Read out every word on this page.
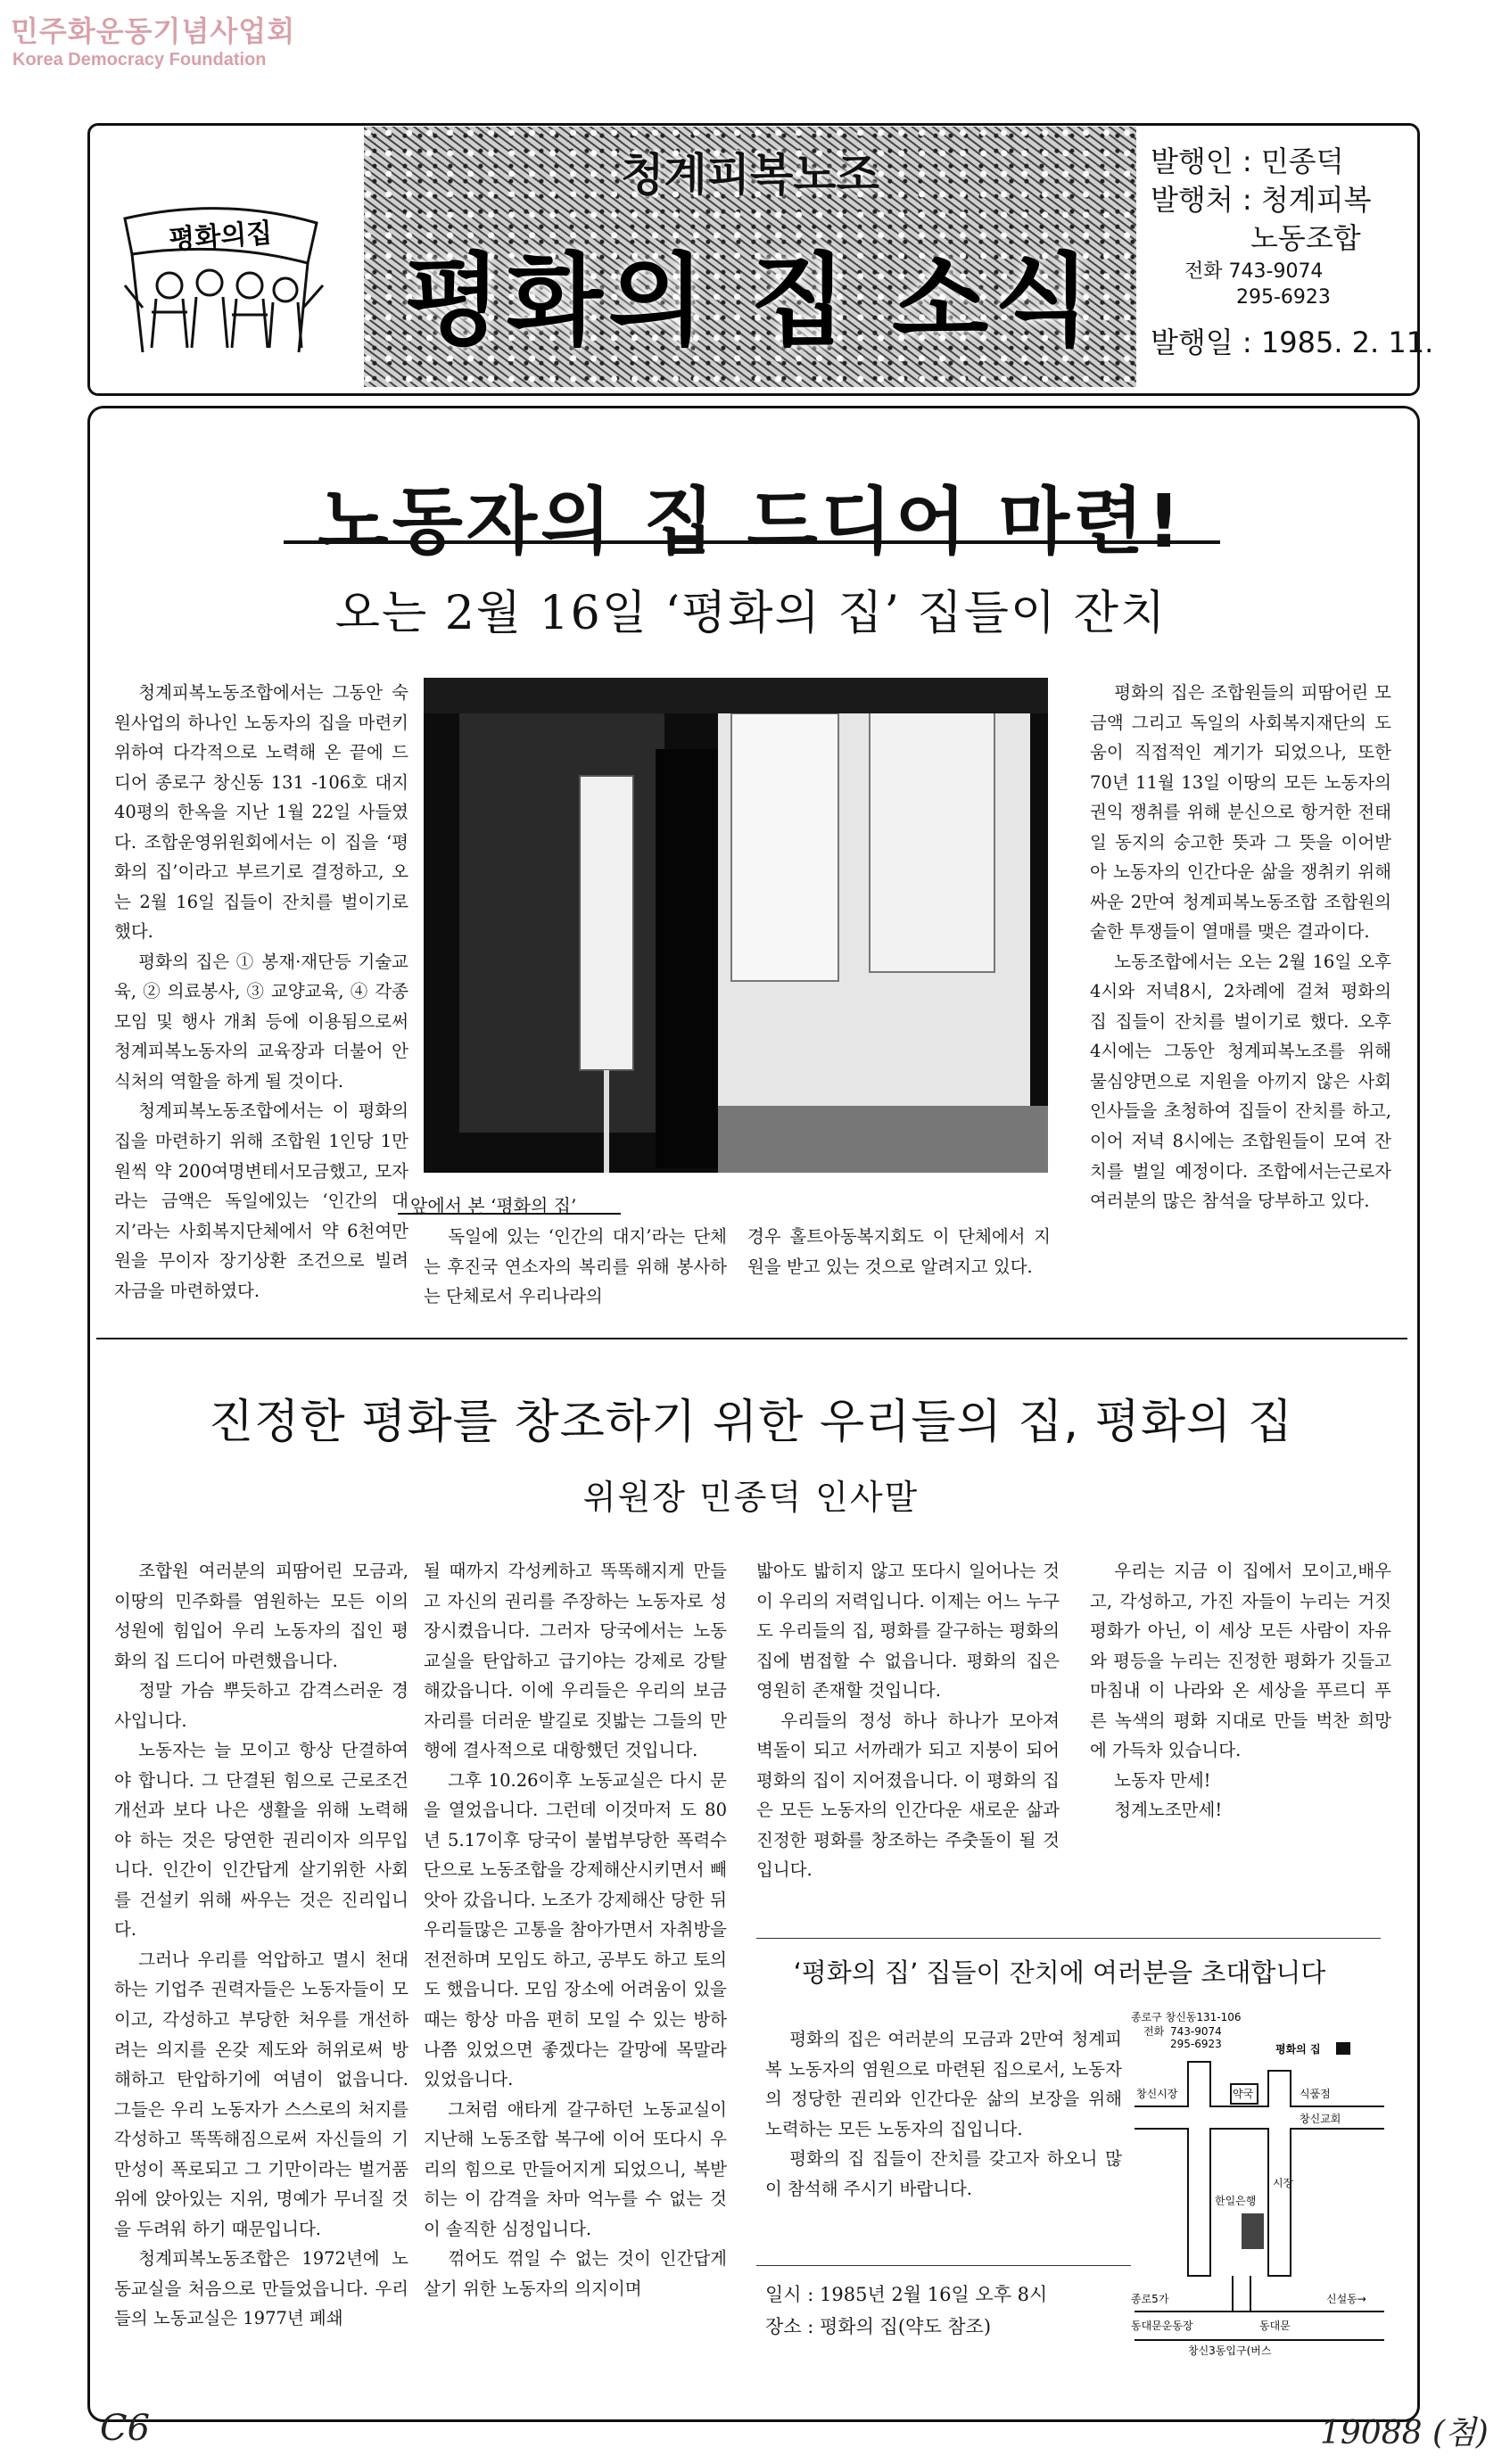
민주화운동기념사업회
Korea Democracy Foundation
청계피복노조
평화의 집 소식
평화의집
발행인 : 민종덕
발행처 : 청계피복
노동조합
전화 743-9074
295-6923
발행일 : 1985. 2. 11.
노동자의 집 드디어 마련!
오는 2월 16일 ‘평화의 집’ 집들이 잔치

청계피복노동조합에서는 그동안 숙원사업의 하나인 노동자의 집을 마련키 위하여 다각적으로 노력해 온 끝에 드디어 종로구 창신동 131 -106호 대지 40평의 한옥을 지난 1월 22일 사들였다. 조합운영위원회에서는 이 집을 ‘평화의 집’이라고 부르기로 결정하고, 오는 2월 16일 집들이 잔치를 벌이기로 했다.

평화의 집은 ① 봉재·재단등 기술교육, ② 의료봉사, ③ 교양교육, ④ 각종 모임 및 행사 개최 등에 이용됨으로써 청계피복노동자의 교육장과 더불어 안식처의 역할을 하게 될 것이다.

청계피복노동조합에서는 이 평화의 집을 마련하기 위해 조합원 1인당 1만원씩 약 200여명변테서모금했고, 모자라는 금액은 독일에있는 ‘인간의 대지’라는 사회복지단체에서 약 6천여만원을 무이자 장기상환 조건으로 빌려 자금을 마련하였다.

앞에서 본 ‘평화의 집’

독일에 있는 ‘인간의 대지’라는 단체는 후진국 연소자의 복리를 위해 봉사하는 단체로서 우리나라의

경우 홀트아동복지회도 이 단체에서 지원을 받고 있는 것으로 알려지고 있다.

평화의 집은 조합원들의 피땀어린 모금액 그리고 독일의 사회복지재단의 도움이 직접적인 계기가 되었으나, 또한 70년 11월 13일 이땅의 모든 노동자의 권익 쟁취를 위해 분신으로 항거한 전태일 동지의 숭고한 뜻과 그 뜻을 이어받아 노동자의 인간다운 삶을 쟁취키 위해 싸운 2만여 청계피복노동조합 조합원의 숱한 투쟁들이 열매를 맺은 결과이다.

노동조합에서는 오는 2월 16일 오후 4시와 저녁8시, 2차례에 걸쳐 평화의 집 집들이 잔치를 벌이기로 했다. 오후 4시에는 그동안 청계피복노조를 위해 물심양면으로 지원을 아끼지 않은 사회 인사들을 초청하여 집들이 잔치를 하고, 이어 저녁 8시에는 조합원들이 모여 잔치를 벌일 예정이다. 조합에서는근로자 여러분의 많은 참석을 당부하고 있다.

진정한 평화를 창조하기 위한 우리들의 집, 평화의 집
위원장 민종덕 인사말

조합원 여러분의 피땀어린 모금과, 이땅의 민주화를 염원하는 모든 이의 성원에 힘입어 우리 노동자의 집인 평화의 집 드디어 마련했읍니다.

정말 가슴 뿌듯하고 감격스러운 경사입니다.

노동자는 늘 모이고 항상 단결하여야 합니다. 그 단결된 힘으로 근로조건 개선과 보다 나은 생활을 위해 노력해야 하는 것은 당연한 권리이자 의무입니다. 인간이 인간답게 살기위한 사회를 건설키 위해 싸우는 것은 진리입니다.

그러나 우리를 억압하고 멸시 천대하는 기업주 권력자들은 노동자들이 모이고, 각성하고 부당한 처우를 개선하려는 의지를 온갖 제도와 허위로써 방해하고 탄압하기에 여념이 없읍니다. 그들은 우리 노동자가 스스로의 처지를 각성하고 똑똑해짐으로써 자신들의 기만성이 폭로되고 그 기만이라는 벌거품 위에 앉아있는 지위, 명예가 무너질 것을 두려워 하기 때문입니다.

청계피복노동조합은 1972년에 노동교실을 처음으로 만들었읍니다. 우리들의 노동교실은 1977년 폐쇄

될 때까지 각성케하고 똑똑해지게 만들고 자신의 권리를 주장하는 노동자로 성장시켰읍니다. 그러자 당국에서는 노동교실을 탄압하고 급기야는 강제로 강탈해갔읍니다. 이에 우리들은 우리의 보금자리를 더러운 발길로 짓밟는 그들의 만행에 결사적으로 대항했던 것입니다.

그후 10.26이후 노동교실은 다시 문을 열었읍니다. 그런데 이것마저 도 80년 5.17이후 당국이 불법부당한 폭력수단으로 노동조합을 강제해산시키면서 빼앗아 갔읍니다. 노조가 강제해산 당한 뒤 우리들많은 고통을 참아가면서 자취방을 전전하며 모임도 하고, 공부도 하고 토의도 했읍니다. 모임 장소에 어려움이 있을때는 항상 마음 편히 모일 수 있는 방하나쯤 있었으면 좋겠다는 갈망에 목말라 있었읍니다.

그처럼 애타게 갈구하던 노동교실이 지난해 노동조합 복구에 이어 또다시 우리의 힘으로 만들어지게 되었으니, 복받히는 이 감격을 차마 억누를 수 없는 것이 솔직한 심정입니다.

꺾어도 꺾일 수 없는 것이 인간답게 살기 위한 노동자의 의지이며

밟아도 밟히지 않고 또다시 일어나는 것이 우리의 저력입니다. 이제는 어느 누구도 우리들의 집, 평화를 갈구하는 평화의 집에 범접할 수 없읍니다. 평화의 집은 영원히 존재할 것입니다.

우리들의 정성 하나 하나가 모아져 벽돌이 되고 서까래가 되고 지붕이 되어 평화의 집이 지어졌읍니다. 이 평화의 집은 모든 노동자의 인간다운 새로운 삶과 진정한 평화를 창조하는 주춧돌이 될 것입니다.

우리는 지금 이 집에서 모이고,배우고, 각성하고, 가진 자들이 누리는 거짓 평화가 아닌, 이 세상 모든 사람이 자유와 평등을 누리는 진정한 평화가 깃들고 마침내 이 나라와 온 세상을 푸르디 푸른 녹색의 평화 지대로 만들 벅찬 희망에 가득차 있습니다.

노동자 만세!

청계노조만세!

‘평화의 집’ 집들이 잔치에 여러분을 초대합니다

평화의 집은 여러분의 모금과 2만여 청계피복 노동자의 염원으로 마련된 집으로서, 노동자의 정당한 권리와 인간다운 삶의 보장을 위해 노력하는 모든 노동자의 집입니다.

평화의 집 집들이 잔치를 갖고자 하오니 많이 참석해 주시기 바랍니다.

일시 : 1985년 2월 16일 오후 8시
장소 : 평화의 집(약도 참조)
종로구 창신동131-106
전화 743-9074
295-6923	평화의 집
약국	식품점
창신시장
창신교회
신설동→
동대문운동장
종로5가
동대문
시장
한일은행
창신3동입구(버스
C6	19088 (첨)
